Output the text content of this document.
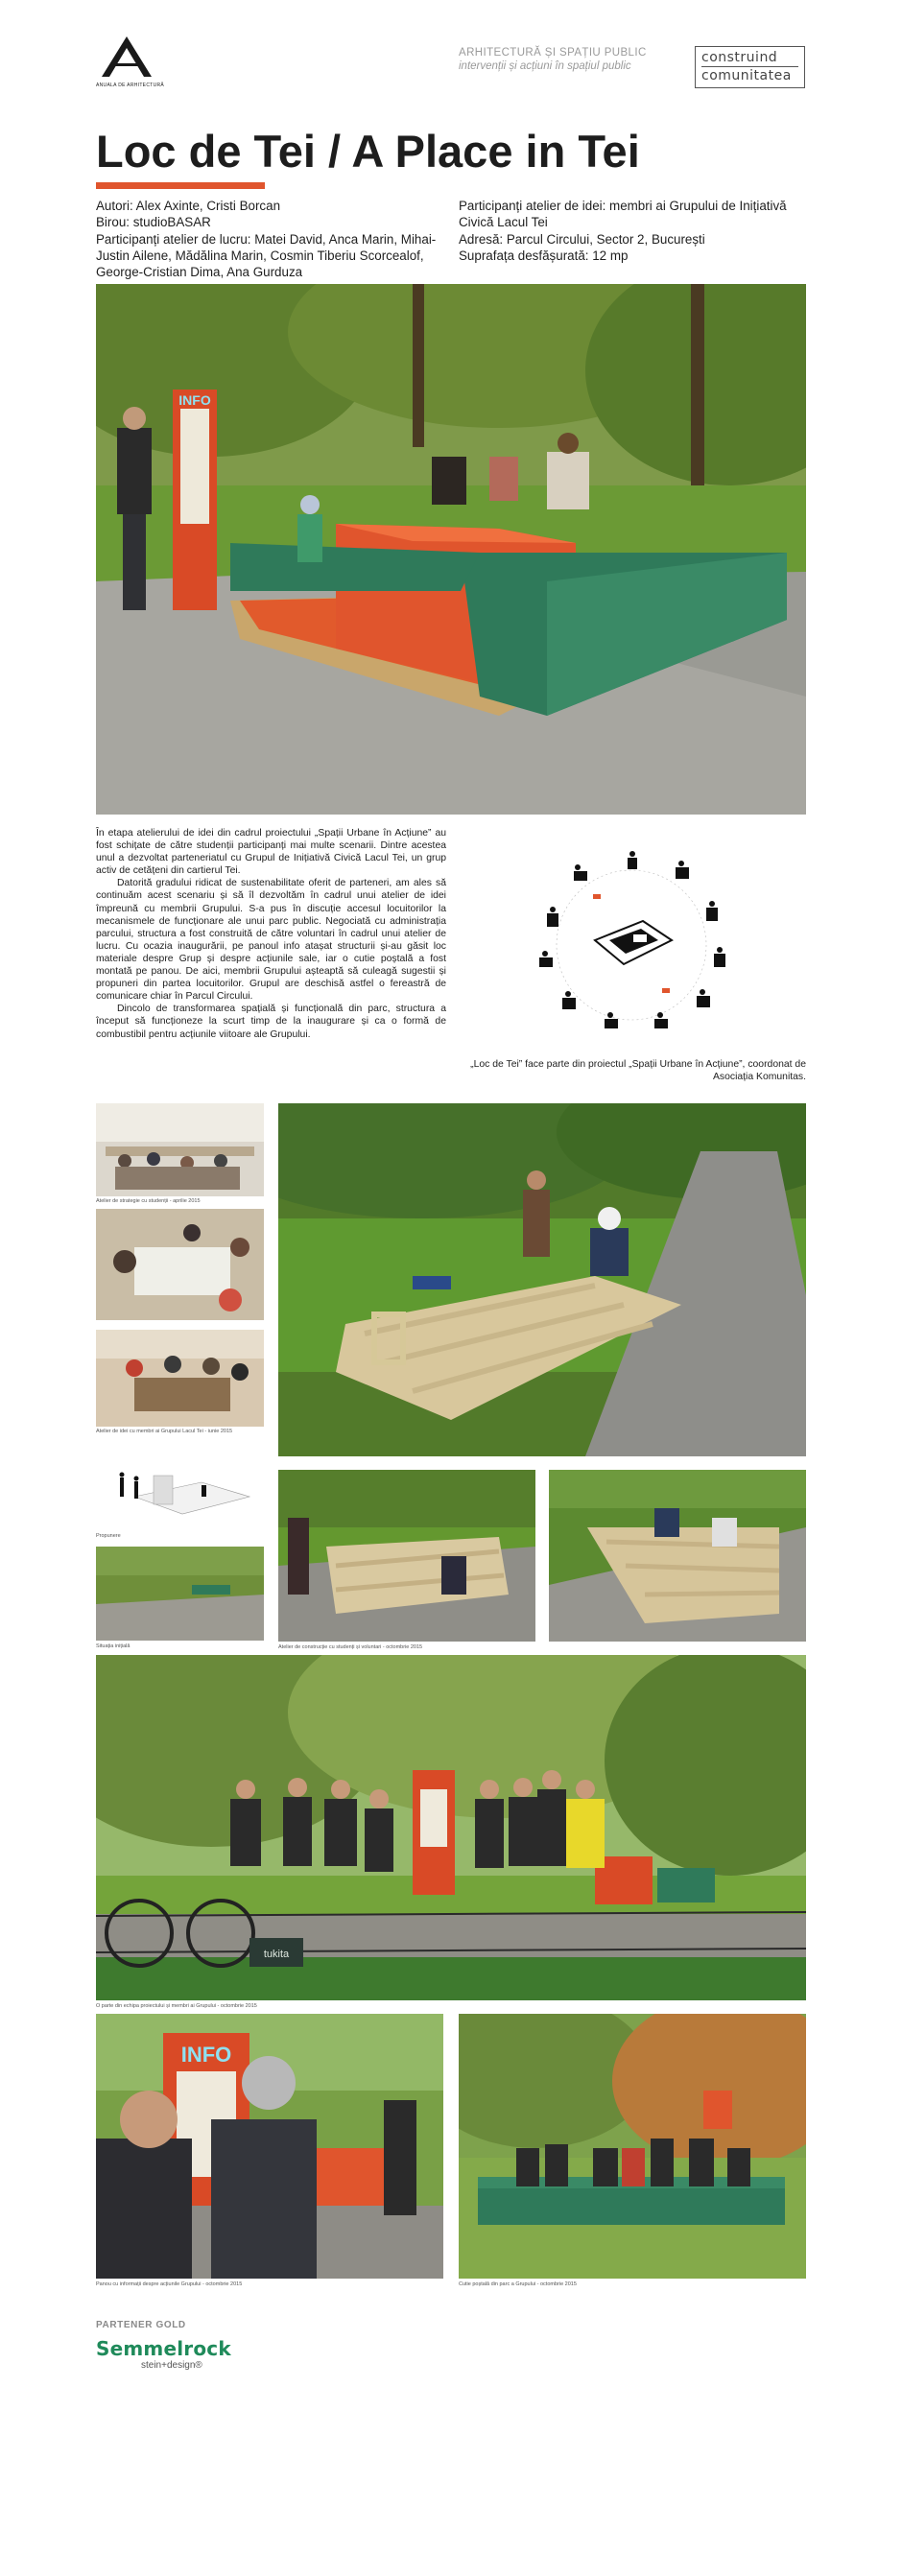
ANUALA DE ARHITECTURĂ
ARHITECTURĂ ȘI SPAȚIU PUBLIC
intervenții și acțiuni în spațiul public
construind
comunitatea
Loc de Tei / A Place in Tei
Autori: Alex Axinte, Cristi Borcan
Birou: studioBASAR
Participanți atelier de lucru: Matei David, Anca Marin, Mihai-Justin Ailene, Mădălina Marin, Cosmin Tiberiu Scorcealof, George-Cristian Dima, Ana Gurduza
Participanți atelier de idei: membri ai Grupului de Inițiativă Civică Lacul Tei
Adresă: Parcul Circului, Sector 2, București
Suprafața desfășurată: 12 mp
INFO

În etapa atelierului de idei din cadrul proiectului „Spații Urbane în Acțiune” au fost schițate de către studenții participanți mai multe scenarii. Dintre acestea unul a dezvoltat parteneriatul cu Grupul de Inițiativă Civică Lacul Tei, un grup activ de cetățeni din cartierul Tei.

Datorită gradului ridicat de sustenabilitate oferit de parteneri, am ales să continuăm acest scenariu și să îl dezvoltăm în cadrul unui atelier de idei împreună cu membrii Grupului. S-a pus în discuție accesul locuitorilor la mecanismele de funcționare ale unui parc public. Negociată cu administrația parcului, structura a fost construită de către voluntari în cadrul unui atelier de lucru. Cu ocazia inaugurării, pe panoul info atașat structurii și-au găsit loc materiale despre Grup și despre acțiunile sale, iar o cutie poștală a fost montată pe panou. De aici, membrii Grupului așteaptă să culeagă sugestii și propuneri din partea locuitorilor. Grupul are deschisă astfel o fereastră de comunicare chiar în Parcul Circului.

Dincolo de transformarea spațială și funcțională din parc, structura a început să funcționeze la scurt timp de la inaugurare și ca o formă de combustibil pentru acțiunile viitoare ale Grupului.

„Loc de Tei” face parte din proiectul „Spații Urbane în Acțiune”, coordonat de Asociația Komunitas.
Atelier de strategie cu studenții - aprilie 2015
Atelier de idei cu membri ai Grupului Lacul Tei - iunie 2015
Propunere
Situația inițială	Atelier de construcție cu studenți și voluntari - octombrie 2015
tukita
O parte din echipa proiectului și membri ai Grupului - octombrie 2015
INFO
Panou cu informații despre acțiunile Grupului - octombrie 2015	Cutie poștală din parc a Grupului - octombrie 2015
PARTENER GOLD
Semmelrock
stein+design®
